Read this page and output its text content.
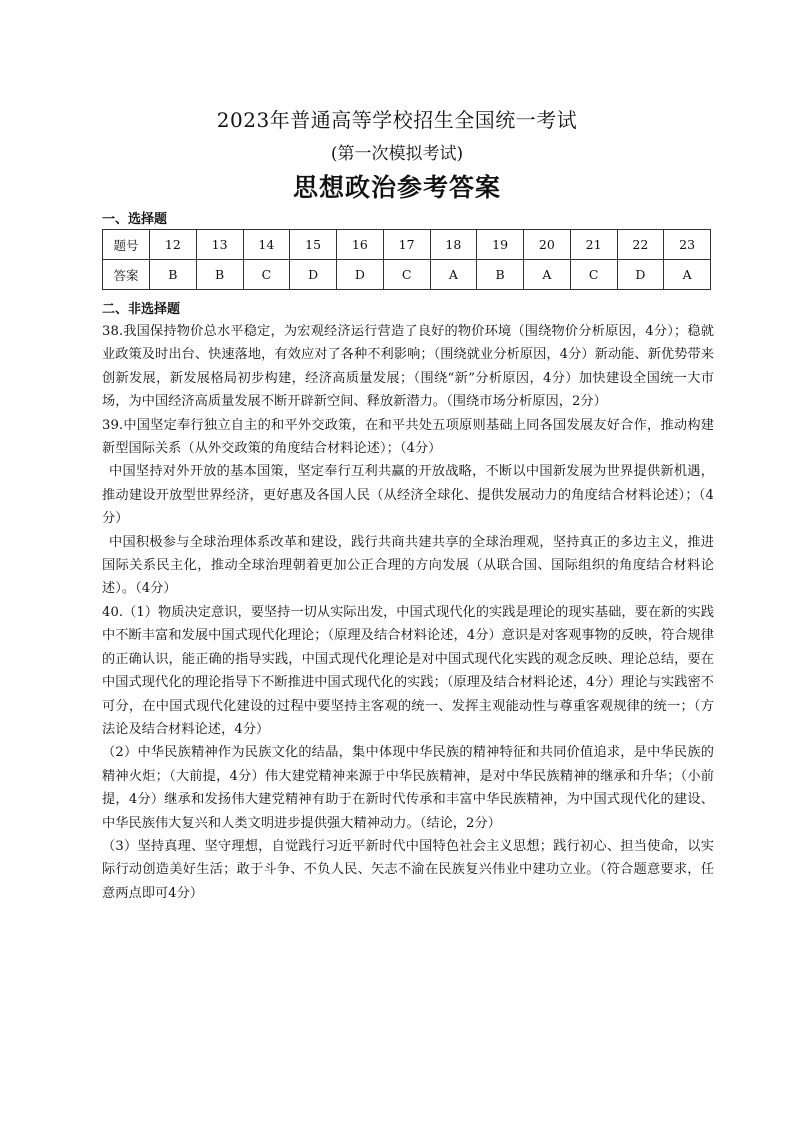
2023年普通高等学校招生全国统一考试
(第一次模拟考试)
思想政治参考答案
一、选择题
题号	12	13	14	15	16	17	18	19	20	21	22	23
答案	B	B	C	D	D	C	A	B	A	C	D	A
二、非选择题

38.我国保持物价总水平稳定，为宏观经济运行营造了良好的物价环境（围绕物价分析原因，4分）；稳就业政策及时出台、快速落地，有效应对了各种不利影响；（围绕就业分析原因，4分）新动能、新优势带来创新发展，新发展格局初步构建，经济高质量发展；（围绕“新”分析原因，4分）加快建设全国统一大市场，为中国经济高质量发展不断开辟新空间、释放新潜力。（围绕市场分析原因，2分）

39.中国坚定奉行独立自主的和平外交政策，在和平共处五项原则基础上同各国发展友好合作，推动构建新型国际关系（从外交政策的角度结合材料论述）；（4分）

中国坚持对外开放的基本国策，坚定奉行互利共赢的开放战略，不断以中国新发展为世界提供新机遇，推动建设开放型世界经济，更好惠及各国人民（从经济全球化、提供发展动力的角度结合材料论述）；（4分）

中国积极参与全球治理体系改革和建设，践行共商共建共享的全球治理观，坚持真正的多边主义，推进国际关系民主化，推动全球治理朝着更加公正合理的方向发展（从联合国、国际组织的角度结合材料论述）。（4分）

40.（1）物质决定意识，要坚持一切从实际出发，中国式现代化的实践是理论的现实基础，要在新的实践中不断丰富和发展中国式现代化理论；（原理及结合材料论述，4分）意识是对客观事物的反映，符合规律的正确认识，能正确的指导实践，中国式现代化理论是对中国式现代化实践的观念反映、理论总结，要在中国式现代化的理论指导下不断推进中国式现代化的实践；（原理及结合材料论述，4分）理论与实践密不可分，在中国式现代化建设的过程中要坚持主客观的统一、发挥主观能动性与尊重客观规律的统一；（方法论及结合材料论述，4分）

（2）中华民族精神作为民族文化的结晶，集中体现中华民族的精神特征和共同价值追求，是中华民族的精神火炬；（大前提，4分）伟大建党精神来源于中华民族精神，是对中华民族精神的继承和升华；（小前提，4分）继承和发扬伟大建党精神有助于在新时代传承和丰富中华民族精神，为中国式现代化的建设、中华民族伟大复兴和人类文明进步提供强大精神动力。（结论，2分）

（3）坚持真理、坚守理想，自觉践行习近平新时代中国特色社会主义思想；践行初心、担当使命，以实际行动创造美好生活；敢于斗争、不负人民、矢志不渝在民族复兴伟业中建功立业。（符合题意要求，任意两点即可4分）
